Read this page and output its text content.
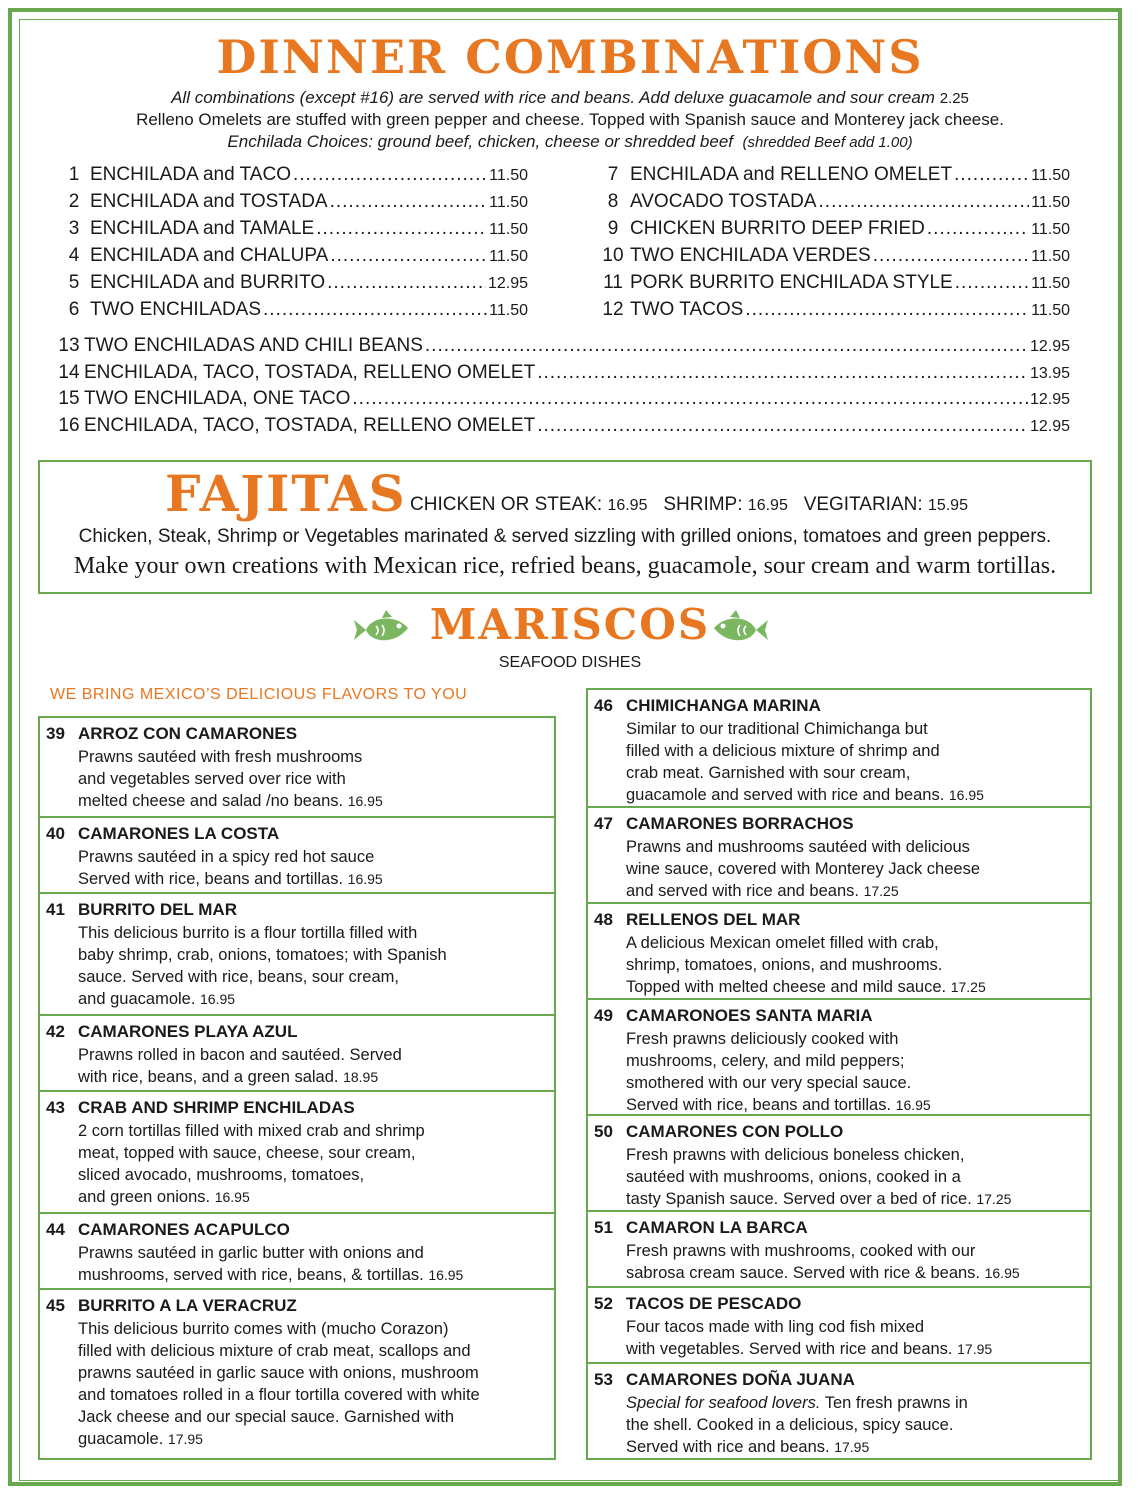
DINNER COMBINATIONS
All combinations (except #16) are served with rice and beans. Add deluxe guacamole and sour cream 2.25
Relleno Omelets are stuffed with green pepper and cheese. Topped with Spanish sauce and Monterey jack cheese.
Enchilada Choices: ground beef, chicken, cheese or shredded beef (shredded Beef add 1.00)
1 ENCHILADA and TACO .....	11.50
2 ENCHILADA and TOSTADA .....	11.50
3 ENCHILADA and TAMALE .....	11.50
4 ENCHILADA and CHALUPA .....	11.50
5 ENCHILADA and BURRITO .....	12.95
6 TWO ENCHILADAS .....	11.50
7 ENCHILADA and RELLENO OMELET .....	11.50
8 AVOCADO TOSTADA .....	11.50
9 CHICKEN BURRITO DEEP FRIED .....	11.50
10 TWO ENCHILADA VERDES .....	11.50
11 PORK BURRITO ENCHILADA STYLE .....	11.50
12 TWO TACOS .....	11.50
13 TWO ENCHILADAS AND CHILI BEANS .....	12.95
14 ENCHILADA, TACO, TOSTADA, RELLENO OMELET .....	13.95
15 TWO ENCHILADA, ONE TACO .....	12.95
16 ENCHILADA, TACO, TOSTADA, RELLENO OMELET .....	12.95
FAJITAS CHICKEN OR STEAK: 16.95 SHRIMP: 16.95 VEGITARIAN: 15.95
Chicken, Steak, Shrimp or Vegetables marinated & served sizzling with grilled onions, tomatoes and green peppers.
Make your own creations with Mexican rice, refried beans, guacamole, sour cream and warm tortillas.
MARISCOS
SEAFOOD DISHES
WE BRING MEXICO’S DELICIOUS FLAVORS TO YOU
39 ARROZ CON CAMARONES
Prawns sautéed with fresh mushrooms
and vegetables served over rice with
melted cheese and salad /no beans. 16.95
40 CAMARONES LA COSTA
Prawns sautéed in a spicy red hot sauce
Served with rice, beans and tortillas. 16.95
41 BURRITO DEL MAR
This delicious burrito is a flour tortilla filled with
baby shrimp, crab, onions, tomatoes; with Spanish
sauce. Served with rice, beans, sour cream,
and guacamole. 16.95
42 CAMARONES PLAYA AZUL
Prawns rolled in bacon and sautéed. Served
with rice, beans, and a green salad. 18.95
43 CRAB AND SHRIMP ENCHILADAS
2 corn tortillas filled with mixed crab and shrimp
meat, topped with sauce, cheese, sour cream,
sliced avocado, mushrooms, tomatoes,
and green onions. 16.95
44 CAMARONES ACAPULCO
Prawns sautéed in garlic butter with onions and
mushrooms, served with rice, beans, & tortillas. 16.95
45 BURRITO A LA VERACRUZ
This delicious burrito comes with (mucho Corazon)
filled with delicious mixture of crab meat, scallops and
prawns sautéed in garlic sauce with onions, mushroom
and tomatoes rolled in a flour tortilla covered with white
Jack cheese and our special sauce. Garnished with
guacamole. 17.95
46 CHIMICHANGA MARINA
Similar to our traditional Chimichanga but
filled with a delicious mixture of shrimp and
crab meat. Garnished with sour cream,
guacamole and served with rice and beans. 16.95
47 CAMARONES BORRACHOS
Prawns and mushrooms sautéed with delicious
wine sauce, covered with Monterey Jack cheese
and served with rice and beans. 17.25
48 RELLENOS DEL MAR
A delicious Mexican omelet filled with crab,
shrimp, tomatoes, onions, and mushrooms.
Topped with melted cheese and mild sauce. 17.25
49 CAMARONOES SANTA MARIA
Fresh prawns deliciously cooked with
mushrooms, celery, and mild peppers;
smothered with our very special sauce.
Served with rice, beans and tortillas. 16.95
50 CAMARONES CON POLLO
Fresh prawns with delicious boneless chicken,
sautéed with mushrooms, onions, cooked in a
tasty Spanish sauce. Served over a bed of rice. 17.25
51 CAMARON LA BARCA
Fresh prawns with mushrooms, cooked with our
sabrosa cream sauce. Served with rice & beans. 16.95
52 TACOS DE PESCADO
Four tacos made with ling cod fish mixed
with vegetables. Served with rice and beans. 17.95
53 CAMARONES DOÑA JUANA
Special for seafood lovers. Ten fresh prawns in
the shell. Cooked in a delicious, spicy sauce.
Served with rice and beans. 17.95
